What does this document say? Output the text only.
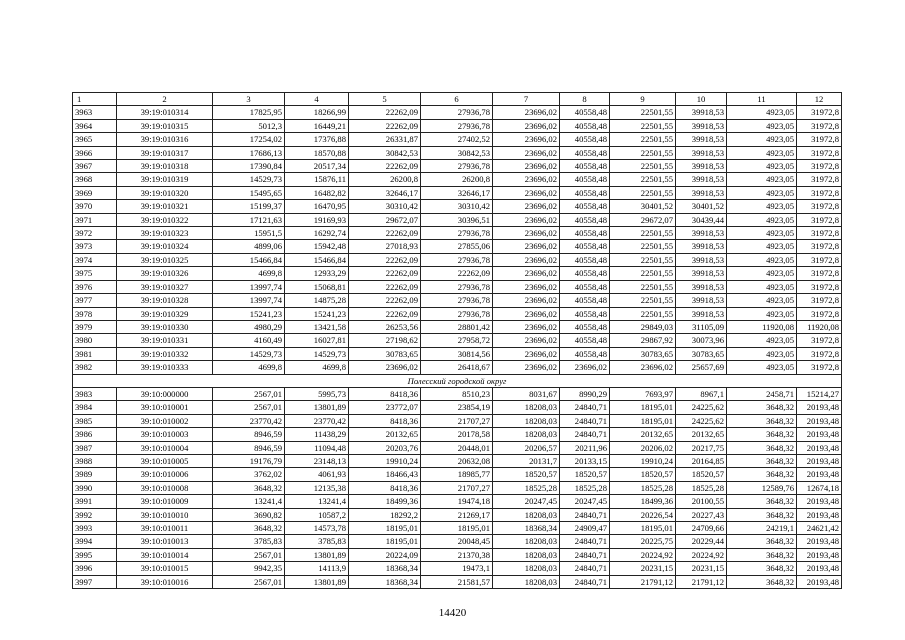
1	2	3	4	5	6	7	8	9	10	11	12
3963	39:19:010314	17825,95	18266,99	22262,09	27936,78	23696,02	40558,48	22501,55	39918,53	4923,05	31972,8
3964	39:19:010315	5012,3	16449,21	22262,09	27936,78	23696,02	40558,48	22501,55	39918,53	4923,05	31972,8
3965	39:19:010316	17254,02	17376,88	26331,87	27402,52	23696,02	40558,48	22501,55	39918,53	4923,05	31972,8
3966	39:19:010317	17686,13	18570,88	30842,53	30842,53	23696,02	40558,48	22501,55	39918,53	4923,05	31972,8
3967	39:19:010318	17390,84	20517,34	22262,09	27936,78	23696,02	40558,48	22501,55	39918,53	4923,05	31972,8
3968	39:19:010319	14529,73	15876,11	26200,8	26200,8	23696,02	40558,48	22501,55	39918,53	4923,05	31972,8
3969	39:19:010320	15495,65	16482,82	32646,17	32646,17	23696,02	40558,48	22501,55	39918,53	4923,05	31972,8
3970	39:19:010321	15199,37	16470,95	30310,42	30310,42	23696,02	40558,48	30401,52	30401,52	4923,05	31972,8
3971	39:19:010322	17121,63	19169,93	29672,07	30396,51	23696,02	40558,48	29672,07	30439,44	4923,05	31972,8
3972	39:19:010323	15951,5	16292,74	22262,09	27936,78	23696,02	40558,48	22501,55	39918,53	4923,05	31972,8
3973	39:19:010324	4899,06	15942,48	27018,93	27855,06	23696,02	40558,48	22501,55	39918,53	4923,05	31972,8
3974	39:19:010325	15466,84	15466,84	22262,09	27936,78	23696,02	40558,48	22501,55	39918,53	4923,05	31972,8
3975	39:19:010326	4699,8	12933,29	22262,09	22262,09	23696,02	40558,48	22501,55	39918,53	4923,05	31972,8
3976	39:19:010327	13997,74	15068,81	22262,09	27936,78	23696,02	40558,48	22501,55	39918,53	4923,05	31972,8
3977	39:19:010328	13997,74	14875,28	22262,09	27936,78	23696,02	40558,48	22501,55	39918,53	4923,05	31972,8
3978	39:19:010329	15241,23	15241,23	22262,09	27936,78	23696,02	40558,48	22501,55	39918,53	4923,05	31972,8
3979	39:19:010330	4980,29	13421,58	26253,56	28801,42	23696,02	40558,48	29849,03	31105,09	11920,08	11920,08
3980	39:19:010331	4160,49	16027,81	27198,62	27958,72	23696,02	40558,48	29867,92	30073,96	4923,05	31972,8
3981	39:19:010332	14529,73	14529,73	30783,65	30814,56	23696,02	40558,48	30783,65	30783,65	4923,05	31972,8
3982	39:19:010333	4699,8	4699,8	23696,02	26418,67	23696,02	23696,02	23696,02	25657,69	4923,05	31972,8
Полесский городской округ											
3983	39:10:000000	2567,01	5995,73	8418,36	8510,23	8031,67	8990,29	7693,97	8967,1	2458,71	15214,27
3984	39:10:010001	2567,01	13801,89	23772,07	23854,19	18208,03	24840,71	18195,01	24225,62	3648,32	20193,48
3985	39:10:010002	23770,42	23770,42	8418,36	21707,27	18208,03	24840,71	18195,01	24225,62	3648,32	20193,48
3986	39:10:010003	8946,59	11438,29	20132,65	20178,58	18208,03	24840,71	20132,65	20132,65	3648,32	20193,48
3987	39:10:010004	8946,59	11094,48	20203,76	20448,01	20206,57	20211,96	20206,02	20217,75	3648,32	20193,48
3988	39:10:010005	19176,79	23148,13	19910,24	20632,08	20131,7	20133,15	19910,24	20164,85	3648,32	20193,48
3989	39:10:010006	3762,02	4061,93	18466,43	18985,77	18520,57	18520,57	18520,57	18520,57	3648,32	20193,48
3990	39:10:010008	3648,32	12135,38	8418,36	21707,27	18525,28	18525,28	18525,28	18525,28	12589,76	12674,18
3991	39:10:010009	13241,4	13241,4	18499,36	19474,18	20247,45	20247,45	18499,36	20100,55	3648,32	20193,48
3992	39:10:010010	3690,82	10587,2	18292,2	21269,17	18208,03	24840,71	20226,54	20227,43	3648,32	20193,48
3993	39:10:010011	3648,32	14573,78	18195,01	18195,01	18368,34	24909,47	18195,01	24709,66	24219,1	24621,42
3994	39:10:010013	3785,83	3785,83	18195,01	20048,45	18208,03	24840,71	20225,75	20229,44	3648,32	20193,48
3995	39:10:010014	2567,01	13801,89	20224,09	21370,38	18208,03	24840,71	20224,92	20224,92	3648,32	20193,48
3996	39:10:010015	9942,35	14113,9	18368,34	19473,1	18208,03	24840,71	20231,15	20231,15	3648,32	20193,48
3997	39:10:010016	2567,01	13801,89	18368,34	21581,57	18208,03	24840,71	21791,12	21791,12	3648,32	20193,48
14420
